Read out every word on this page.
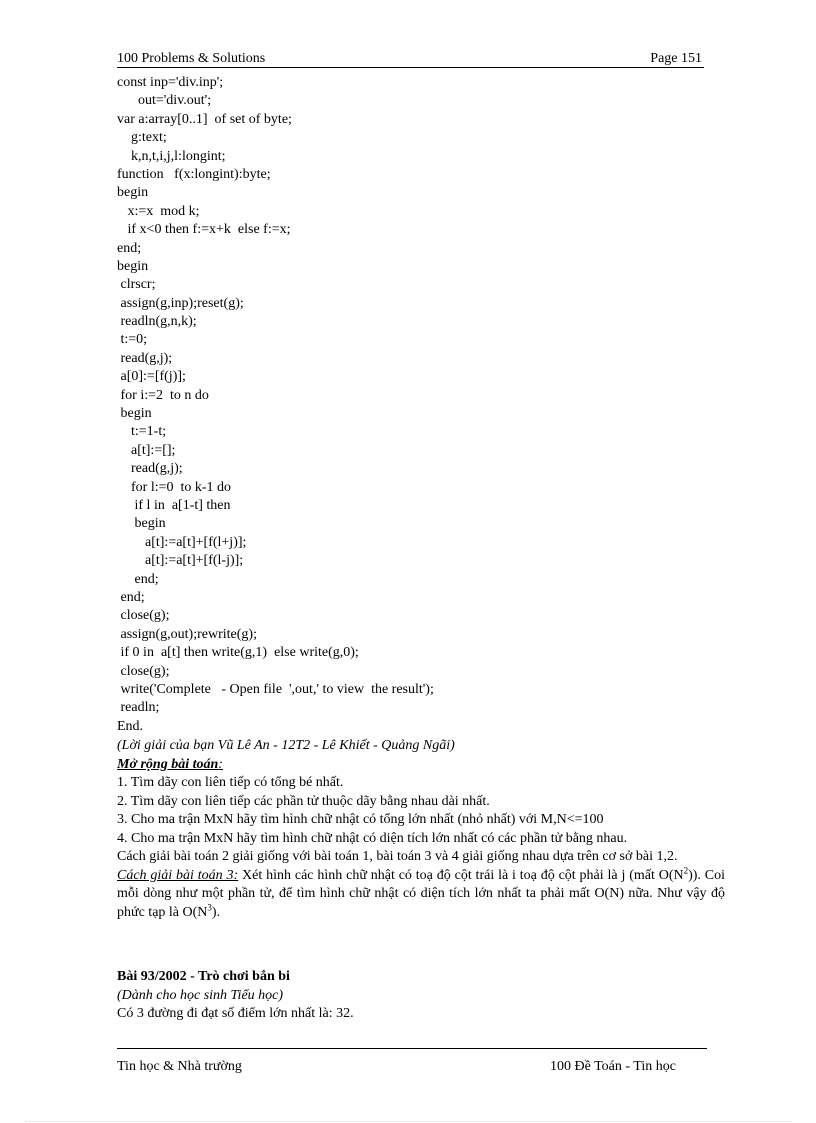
100 Problems & Solutions	Page 151
const inp='div.inp';
out='div.out';
var a:array[0..1]  of set of byte;
g:text;
k,n,t,i,j,l:longint;
function   f(x:longint):byte;
begin
x:=x  mod k;
if x<0 then f:=x+k  else f:=x;
end;
begin
clrscr;
assign(g,inp);reset(g);
readln(g,n,k);
t:=0;
read(g,j);
a[0]:=[f(j)];
for i:=2  to n do
begin
t:=1-t;
a[t]:=[];
read(g,j);
for l:=0  to k-1 do
if l in  a[1-t] then
begin
a[t]:=a[t]+[f(l+j)];
a[t]:=a[t]+[f(l-j)];
end;
end;
close(g);
assign(g,out);rewrite(g);
if 0 in  a[t] then write(g,1)  else write(g,0);
close(g);
write('Complete   - Open file  ',out,' to view  the result');
readln;
End.
(Lời giải của bạn Vũ Lê An - 12T2 - Lê Khiết - Quảng Ngãi)
Mở rộng bài toán:
1. Tìm dãy con liên tiếp có tổng bé nhất.
2. Tìm dãy con liên tiếp các phần tử thuộc dãy bằng nhau dài nhất.
3. Cho ma trận MxN hãy tìm hình chữ nhật có tổng lớn nhất (nhỏ nhất) với M,N<=100
4. Cho ma trận MxN hãy tìm hình chữ nhật có diện tích lớn nhất có các phần tử bằng nhau.
Cách giải bài toán 2 giải giống với bài toán 1, bài toán 3 và 4 giải giống nhau dựa trên cơ sở bài 1,2.
Cách giải bài toán 3: Xét hình các hình chữ nhật có toạ độ cột trái là i toạ độ cột phải là j (mất $O(N^2)$). Coi mỗi dòng như một phần tử, để tìm hình chữ nhật có diện tích lớn nhất ta phải mất O(N) nữa. Như vậy độ phức tạp là $O(N^3)$.
Bài 93/2002 - Trò chơi bắn bi
(Dành cho học sinh Tiểu học)
Có 3 đường đi đạt số điểm lớn nhất là: 32.
Tin học & Nhà trường	100 Đề Toán - Tin học
